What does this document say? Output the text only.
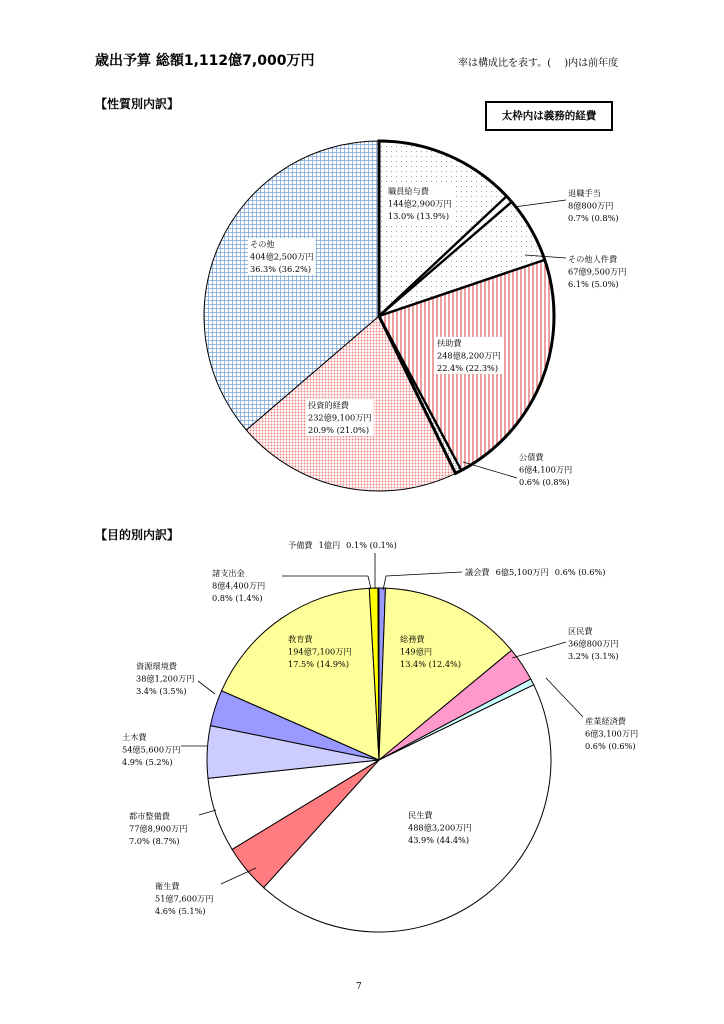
歳出予算 総額1,112億7,000万円	率は構成比を表す。(　 )内は前年度
【性質別内訳】
太枠内は義務的経費
【目的別内訳】
職員給与費 144億2,900万円 13.0% (13.9%)
退職手当 8億800万円 0.7% (0.8%)
その他人件費 67億9,500万円 6.1% (5.0%)
扶助費 248億8,200万円 22.4% (22.3%)
公債費 6億4,100万円 0.6% (0.8%)
投資的経費 232億9,100万円 20.9% (21.0%)
その他 404億2,500万円 36.3% (36.2%)
議会費 6億5,100万円 0.6% (0.6%)
総務費 149億円 13.4% (12.4%)
区民費 36億800万円 3.2% (3.1%)
産業経済費 6億3,100万円 0.6% (0.6%)
民生費 488億3,200万円 43.9% (44.4%)
衛生費 51億7,600万円 4.6% (5.1%)
都市整備費 77億8,900万円 7.0% (8.7%)
土木費 54億5,600万円 4.9% (5.2%)
資源環境費 38億1,200万円 3.4% (3.5%)
教育費 194億7,100万円 17.5% (14.9%)
諸支出金 8億4,400万円 0.8% (1.4%)
予備費 1億円 0.1% (0.1%)
7
